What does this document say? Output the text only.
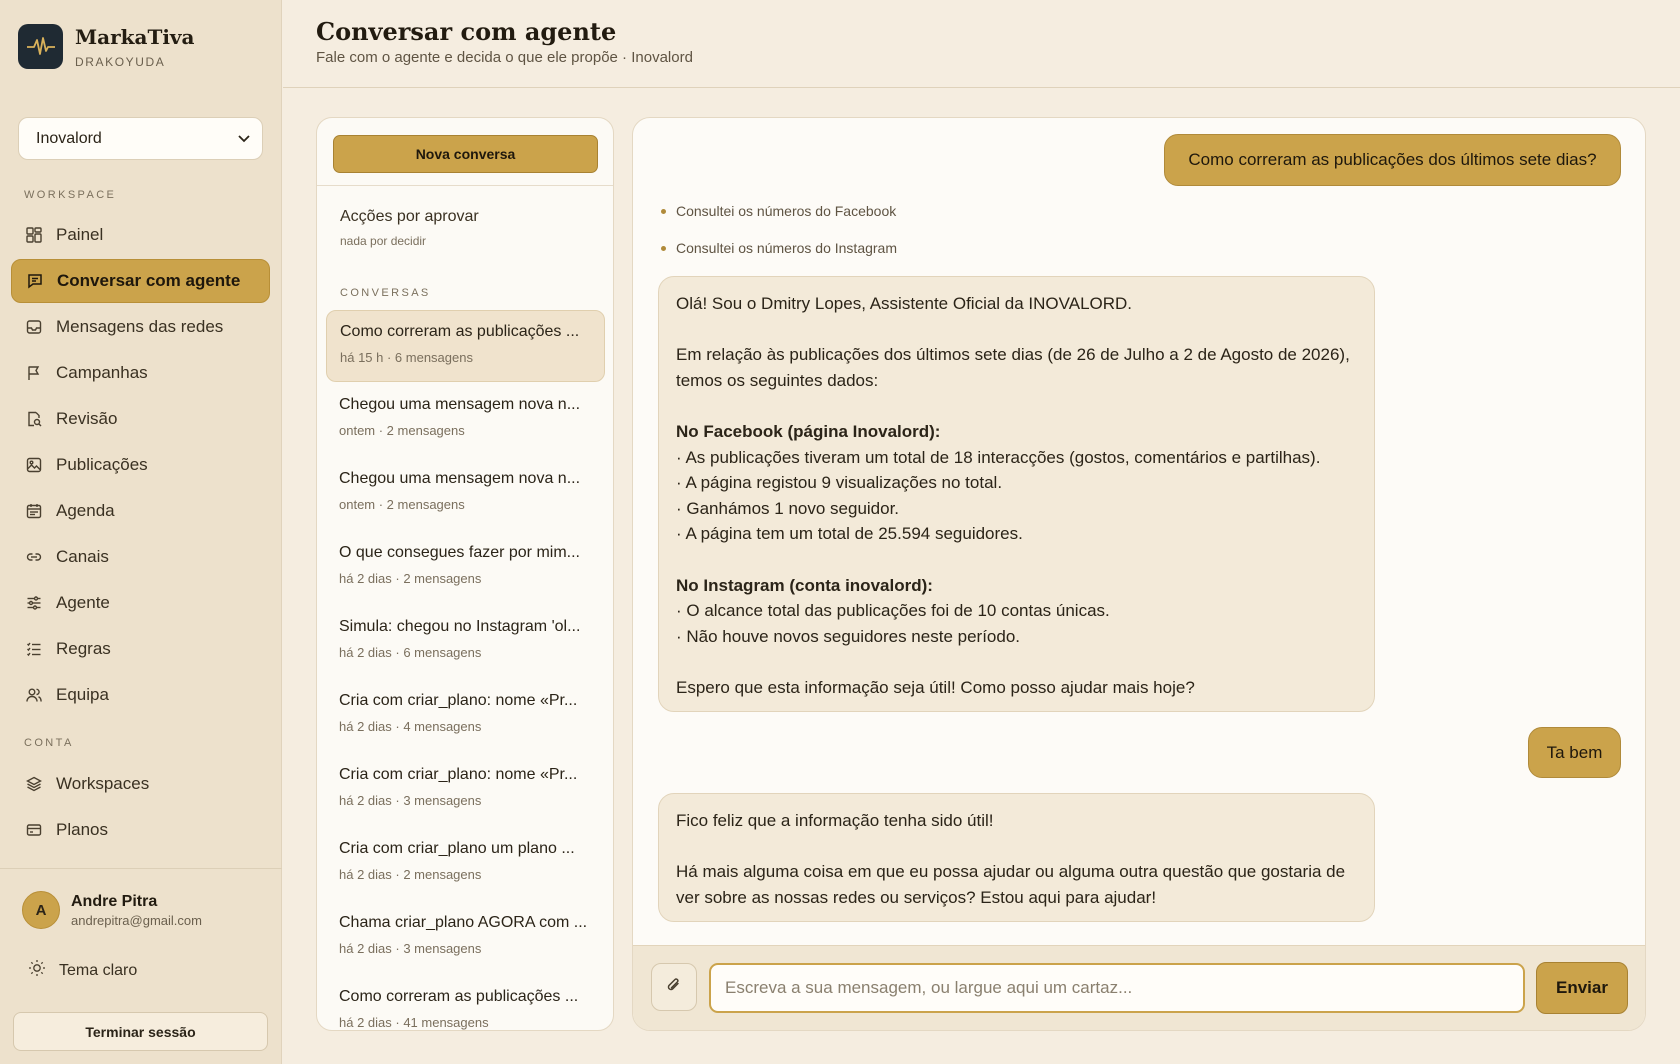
MarkaTiva
DRAKOYUDA
Inovalord
WORKSPACE
Painel
Conversar com agente
Mensagens das redes
Campanhas
Revisão
Publicações
Agenda
Canais
Agente
Regras
Equipa
CONTA
Workspaces
Planos
A
Andre Pitra
andrepitra@gmail.com
Tema claro
Terminar sessão
Conversar com agente
Fale com o agente e decida o que ele propõe · Inovalord
Nova conversa
Acções por aprovar
nada por decidir
CONVERSAS
Como correram as publicações ...
há 15 h · 6 mensagens
Chegou uma mensagem nova n...
ontem · 2 mensagens
Chegou uma mensagem nova n...
ontem · 2 mensagens
O que consegues fazer por mim...
há 2 dias · 2 mensagens
Simula: chegou no Instagram 'ol...
há 2 dias · 6 mensagens
Cria com criar_plano: nome «Pr...
há 2 dias · 4 mensagens
Cria com criar_plano: nome «Pr...
há 2 dias · 3 mensagens
Cria com criar_plano um plano ...
há 2 dias · 2 mensagens
Chama criar_plano AGORA com ...
há 2 dias · 3 mensagens
Como correram as publicações ...
há 2 dias · 41 mensagens
Como correram as publicações dos últimos sete dias?
Consultei os números do Facebook
Consultei os números do Instagram

Olá! Sou o Dmitry Lopes, Assistente Oficial da INOVALORD.

Em relação às publicações dos últimos sete dias (de 26 de Julho a 2 de Agosto de 2026), temos os seguintes dados:

No Facebook (página Inovalord):

· As publicações tiveram um total de 18 interacções (gostos, comentários e partilhas).

· A página registou 9 visualizações no total.

· Ganhámos 1 novo seguidor.

· A página tem um total de 25.594 seguidores.

No Instagram (conta inovalord):

· O alcance total das publicações foi de 10 contas únicas.

· Não houve novos seguidores neste período.

Espero que esta informação seja útil! Como posso ajudar mais hoje?

Ta bem

Fico feliz que a informação tenha sido útil!

Há mais alguma coisa em que eu possa ajudar ou alguma outra questão que gostaria de ver sobre as nossas redes ou serviços? Estou aqui para ajudar!

Escreva a sua mensagem, ou largue aqui um cartaz...
Enviar
